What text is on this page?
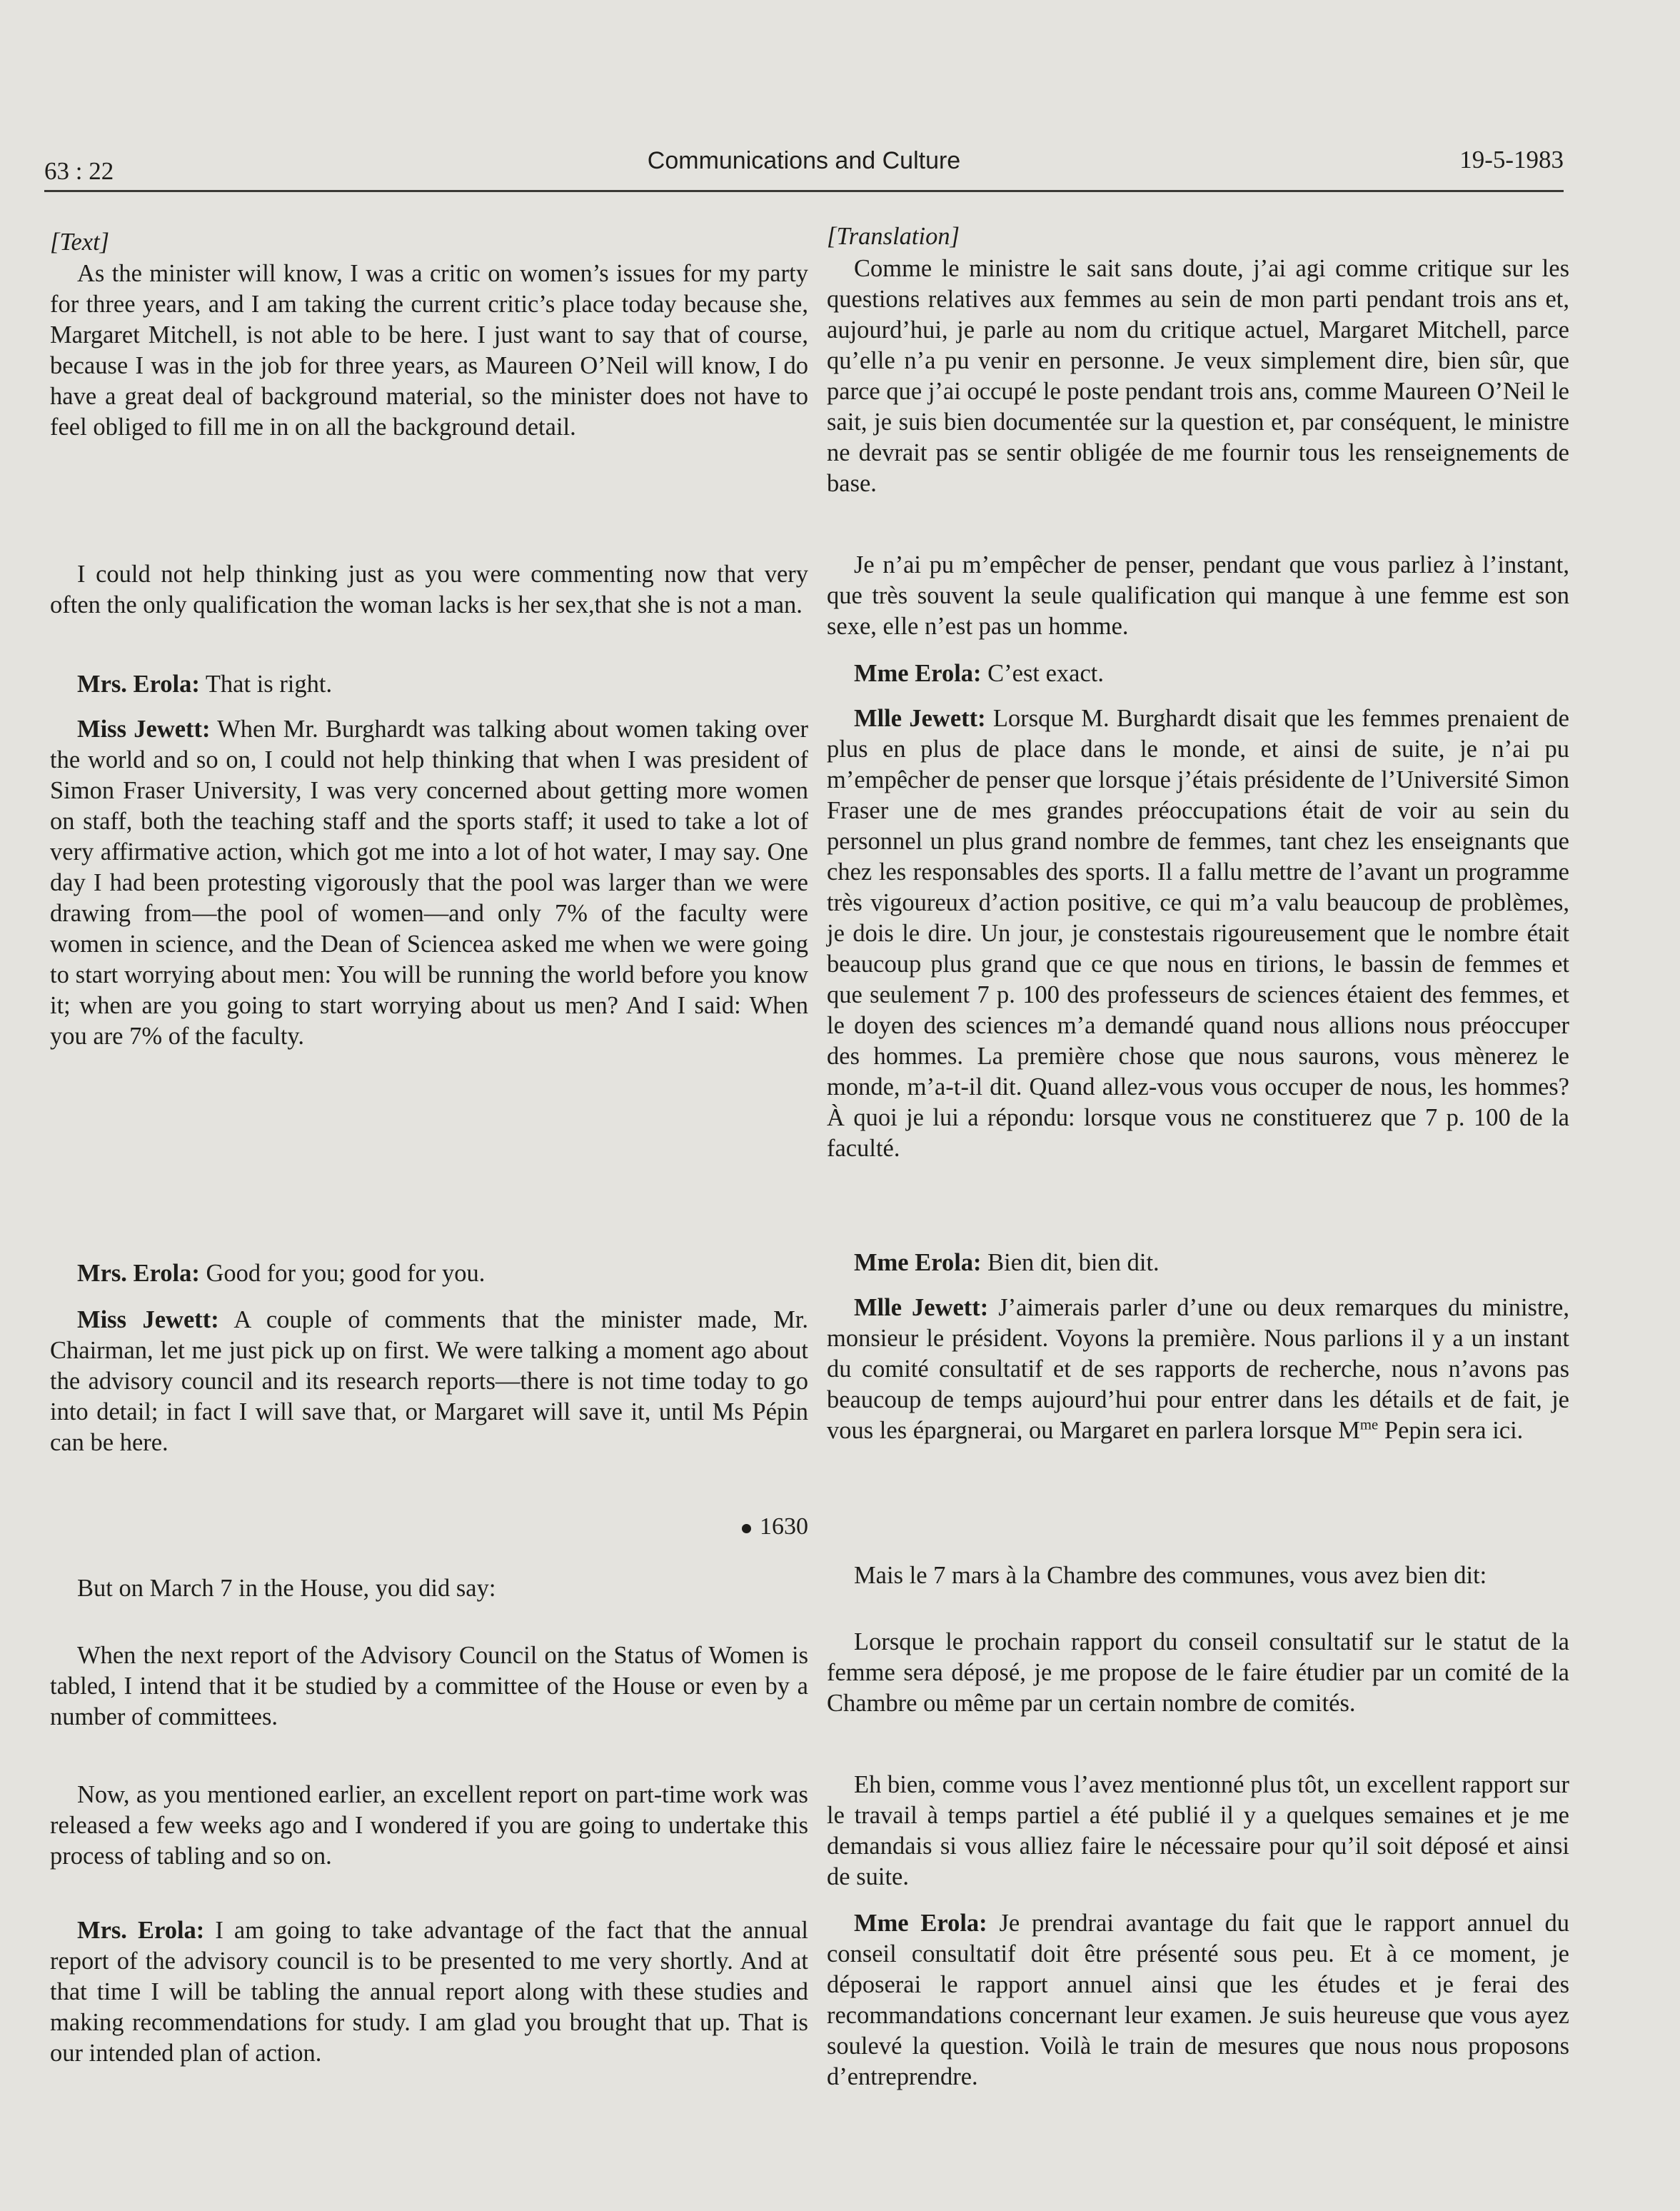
63 : 22	Communications and Culture	19-5-1983

[Text]

As the minister will know, I was a critic on women’s issues for my party for three years, and I am taking the current critic’s place today because she, Margaret Mitchell, is not able to be here. I just want to say that of course, because I was in the job for three years, as Maureen O’Neil will know, I do have a great deal of background material, so the minister does not have to feel obliged to fill me in on all the background detail.

I could not help thinking just as you were commenting now that very often the only qualification the woman lacks is her sex,that she is not a man.

Mrs. Erola: That is right.

Miss Jewett: When Mr. Burghardt was talking about women taking over the world and so on, I could not help thinking that when I was president of Simon Fraser University, I was very concerned about getting more women on staff, both the teaching staff and the sports staff; it used to take a lot of very affirmative action, which got me into a lot of hot water, I may say. One day I had been protesting vigorously that the pool was larger than we were drawing from—the pool of women—and only 7% of the faculty were women in science, and the Dean of Sciencea asked me when we were going to start worrying about men: You will be running the world before you know it; when are you going to start worrying about us men? And I said: When you are 7% of the faculty.

Mrs. Erola: Good for you; good for you.

Miss Jewett: A couple of comments that the minister made, Mr. Chairman, let me just pick up on first. We were talking a moment ago about the advisory council and its research reports—there is not time today to go into detail; in fact I will save that, or Margaret will save it, until Ms Pépin can be here.

1630

But on March 7 in the House, you did say:

When the next report of the Advisory Council on the Status of Women is tabled, I intend that it be studied by a committee of the House or even by a number of committees.

Now, as you mentioned earlier, an excellent report on part-time work was released a few weeks ago and I wondered if you are going to undertake this process of tabling and so on.

Mrs. Erola: I am going to take advantage of the fact that the annual report of the advisory council is to be presented to me very shortly. And at that time I will be tabling the annual report along with these studies and making recommendations for study. I am glad you brought that up. That is our intended plan of action.

[Translation]

Comme le ministre le sait sans doute, j’ai agi comme critique sur les questions relatives aux femmes au sein de mon parti pendant trois ans et, aujourd’hui, je parle au nom du critique actuel, Margaret Mitchell, parce qu’elle n’a pu venir en personne. Je veux simplement dire, bien sûr, que parce que j’ai occupé le poste pendant trois ans, comme Maureen O’Neil le sait, je suis bien documentée sur la question et, par conséquent, le ministre ne devrait pas se sentir obligée de me fournir tous les renseignements de base.

Je n’ai pu m’empêcher de penser, pendant que vous parliez à l’instant, que très souvent la seule qualification qui manque à une femme est son sexe, elle n’est pas un homme.

Mme Erola: C’est exact.

Mlle Jewett: Lorsque M. Burghardt disait que les femmes prenaient de plus en plus de place dans le monde, et ainsi de suite, je n’ai pu m’empêcher de penser que lorsque j’étais présidente de l’Université Simon Fraser une de mes grandes préoccupations était de voir au sein du personnel un plus grand nombre de femmes, tant chez les enseignants que chez les responsables des sports. Il a fallu mettre de l’avant un programme très vigoureux d’action positive, ce qui m’a valu beaucoup de problèmes, je dois le dire. Un jour, je constestais rigoureusement que le nombre était beaucoup plus grand que ce que nous en tirions, le bassin de femmes et que seulement 7 p. 100 des professeurs de sciences étaient des femmes, et le doyen des sciences m’a demandé quand nous allions nous préoccuper des hommes. La première chose que nous saurons, vous mènerez le monde, m’a-t-il dit. Quand allez-vous vous occuper de nous, les hommes? À quoi je lui a répondu: lorsque vous ne constituerez que 7 p. 100 de la faculté.

Mme Erola: Bien dit, bien dit.

Mlle Jewett: J’aimerais parler d’une ou deux remarques du ministre, monsieur le président. Voyons la première. Nous parlions il y a un instant du comité consultatif et de ses rapports de recherche, nous n’avons pas beaucoup de temps aujourd’hui pour entrer dans les détails et de fait, je vous les épargnerai, ou Margaret en parlera lorsque $M^{me}$ Pepin sera ici.

Mais le 7 mars à la Chambre des communes, vous avez bien dit:

Lorsque le prochain rapport du conseil consultatif sur le statut de la femme sera déposé, je me propose de le faire étudier par un comité de la Chambre ou même par un certain nombre de comités.

Eh bien, comme vous l’avez mentionné plus tôt, un excellent rapport sur le travail à temps partiel a été publié il y a quelques semaines et je me demandais si vous alliez faire le nécessaire pour qu’il soit déposé et ainsi de suite.

Mme Erola: Je prendrai avantage du fait que le rapport annuel du conseil consultatif doit être présenté sous peu. Et à ce moment, je déposerai le rapport annuel ainsi que les études et je ferai des recommandations concernant leur examen. Je suis heureuse que vous ayez soulevé la question. Voilà le train de mesures que nous nous proposons d’entreprendre.
